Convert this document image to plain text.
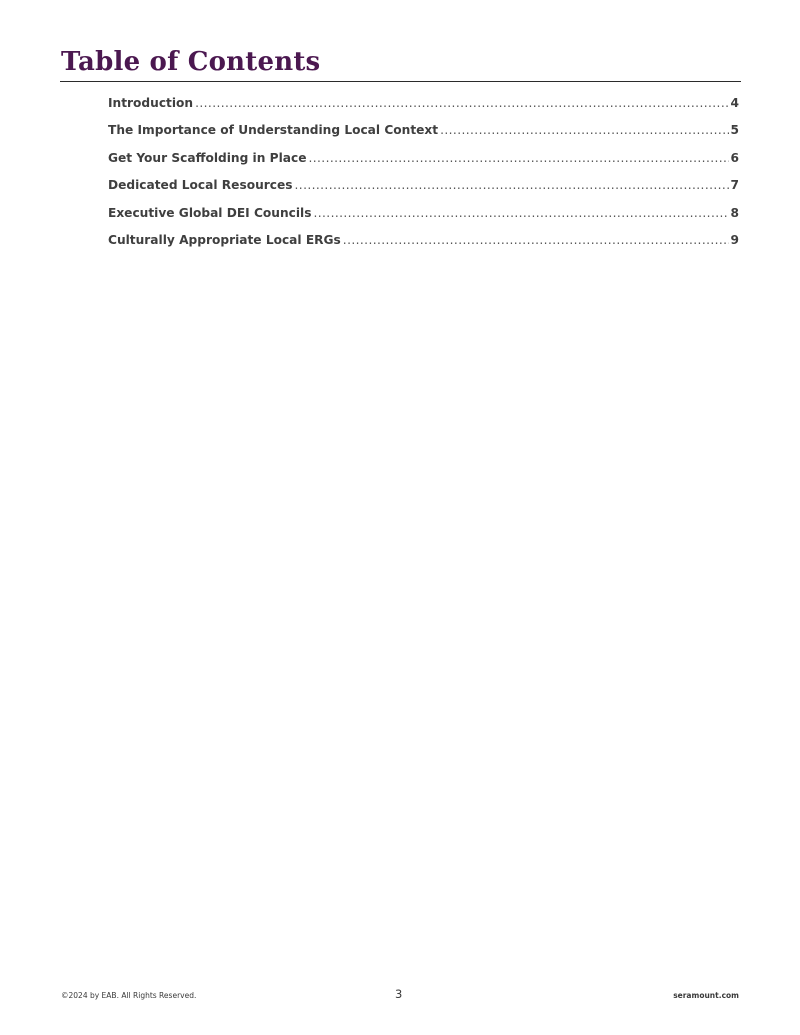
Table of Contents
Introduction .....	4
The Importance of Understanding Local Context .....	5
Get Your Scaffolding in Place .....	6
Dedicated Local Resources .....	7
Executive Global DEI Councils .....	8
Culturally Appropriate Local ERGs .....	9
©2024 by EAB. All Rights Reserved.	3	seramount.com
